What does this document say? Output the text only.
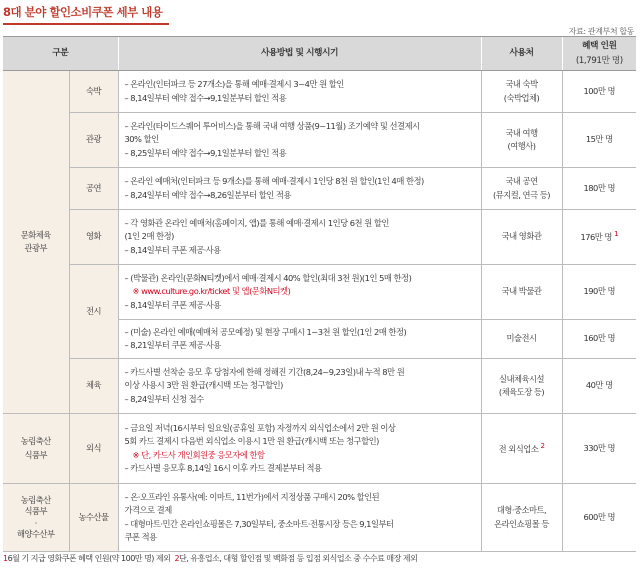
8대 분야 할인소비쿠폰 세부 내용
자료: 관계부처 합동
구분		사용방법 및 시행시기	사용처	혜택 인원
(1,791만 명)

문화체육
관광부	숙박	– 온라인(인터파크 등 27개소)을 통해 예매·결제시 3~4만 원 할인
– 8,14일부터 예약 접수→9,1일분부터 할인 적용	국내 숙박
(숙박업체)	100만 명
	관광	– 온라인(타이드스퀘어 투어비스)을 통해 국내 여행 상품(9~11월) 조기예약 및 선결제시
30% 할인
– 8,25일부터 예약 접수→9,1일분부터 할인 적용	국내 여행
(여행사)	15만 명
	공연	– 온라인 예매처(인터파크 등 9개소)를 통해 예매·결제시 1인당 8천 원 할인(1인 4매 한정)
– 8,24일부터 예약 접수→8,26일분부터 할인 적용	국내 공연
(뮤지컬, 연극 등)	180만 명
	영화	– 각 영화관 온라인 예매처(홈페이지, 앱)를 통해 예매·결제시 1인당 6천 원 할인
(1인 2매 한정)
– 8,14일부터 쿠폰 제공·사용	국내 영화관	176만 명 $^1$
	전시	– (박물관) 온라인(문화N티켓)에서 예매·결제시 40% 할인(최대 3천 원)(1인 5매 한정)
※ www.culture.go.kr/ticket 및 앱(문화N티켓)
– 8,14일부터 쿠폰 제공·사용	국내 박물관	190만 명

		– (미술) 온라인 예매(예매처 공모예정) 및 현장 구매시 1~3천 원 할인(1인 2매 한정)
– 8,21일부터 쿠폰 제공·사용	미술전시	160만 명
	체육	– 카드사별 선착순 응모 후 당첨자에 한해 정해진 기간(8,24~9,23일)내 누적 8만 원
이상 사용시 3만 원 환급(캐시백 또는 청구할인)
– 8,24일부터 신청 접수	실내체육시설
(체육도장 등)	40만 명

농림축산
식품부	외식	– 금요일 저녁(16시부터 일요일(공휴일 포함) 자정까지 외식업소에서 2만 원 이상
5회 카드 결제시 다음번 외식업소 이용시 1만 원 환급(캐시백 또는 청구할인)
※ 단, 카드사 개인회원중 응모자에 한함
– 카드사별 응모후 8,14일 16시 이후 카드 결제분부터 적용	전 외식업소 $^2$	330만 명

농림축산
식품부
·
해양수산부	농수산물	– 온·오프라인 유통사(예: 이마트, 11번가)에서 지정상품 구매시 20% 할인된
가격으로 결제
– 대형마트·민간 온라인쇼핑몰은 7,30일부터, 중소마트·전통시장 등은 9,1일부터
쿠폰 적용	대형·중소마트,
온라인쇼핑몰 등	600만 명
16월 기 지급 영화쿠폰 혜택 인원(약 100만 명) 제외 2단, 유흥업소, 대형 할인점 및 백화점 등 입점 외식업소 중 수수료 매장 제외
